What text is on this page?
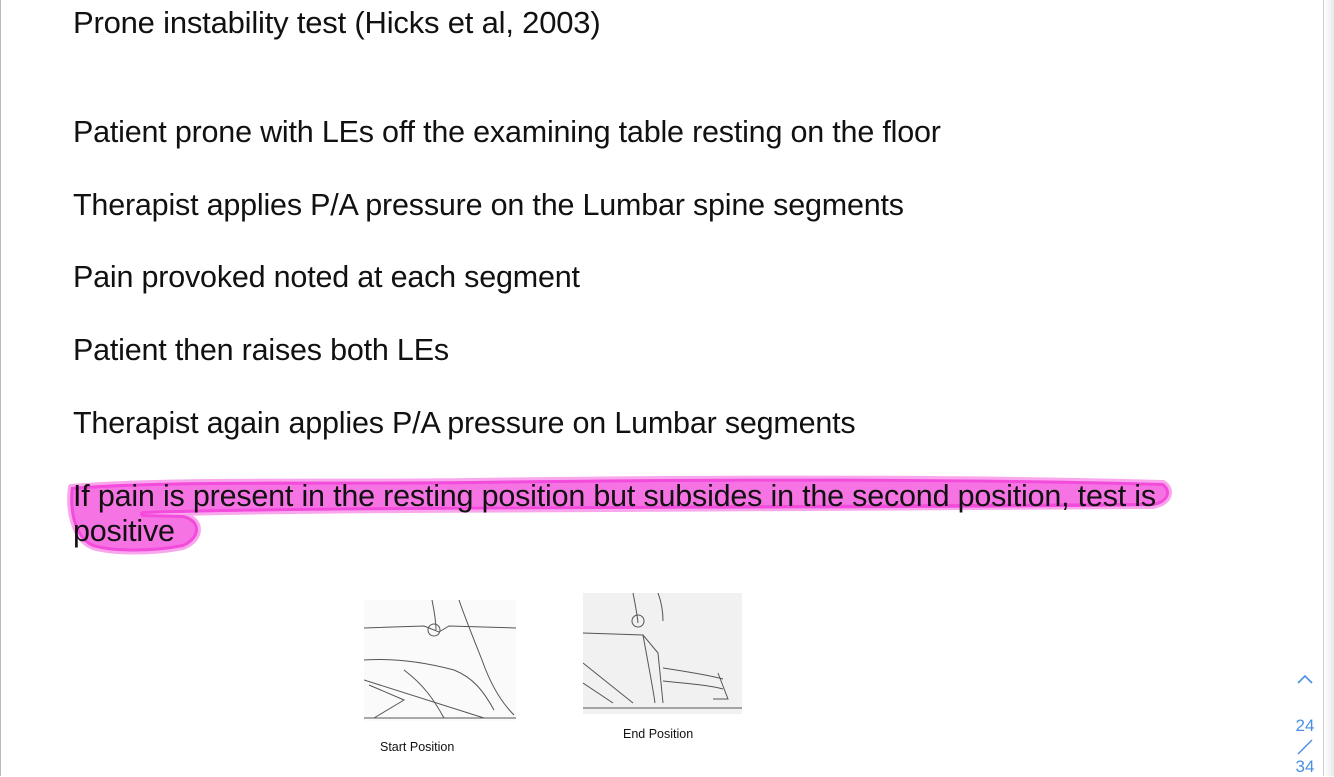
Prone instability test (Hicks et al, 2003)
Patient prone with LEs off the examining table resting on the floor
Therapist applies P/A pressure on the Lumbar spine segments
Pain provoked noted at each segment
Patient then raises both LEs
Therapist again applies P/A pressure on Lumbar segments
If pain is present in the resting position but subsides in the second position, test is
positive
Start Position
End Position	24
34
